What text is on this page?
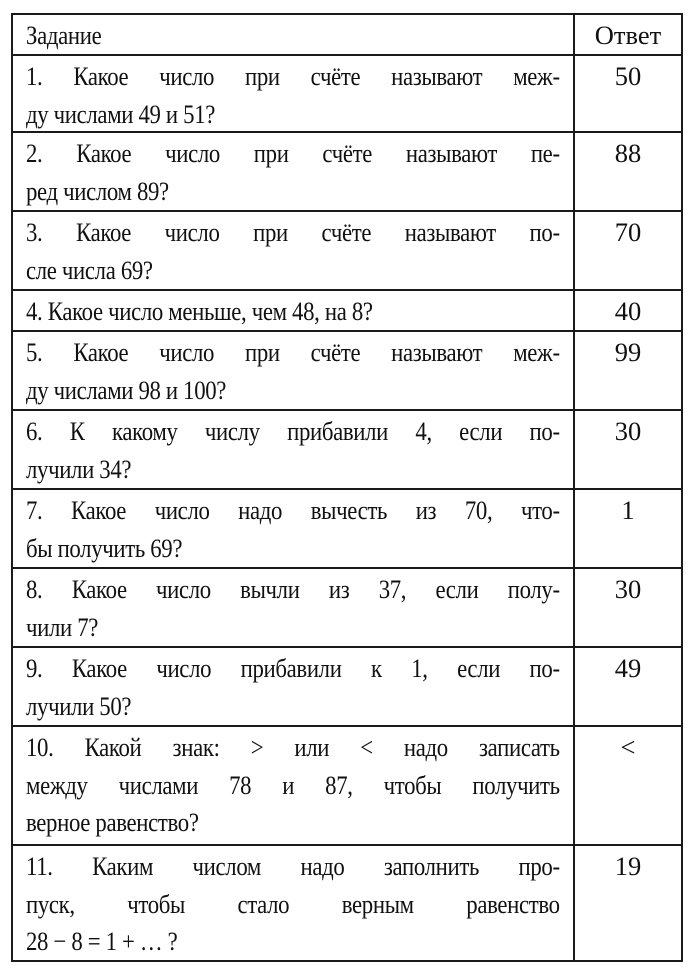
Задание	Ответ
1. Какое число при счёте называют меж-
ду числами 49 и 51?
50
2. Какое число при счёте называют пе-
ред числом 89?
88
3. Какое число при счёте называют по-
сле числа 69?
70
4. Какое число меньше, чем 48, на 8?	40
5. Какое число при счёте называют меж-
ду числами 98 и 100?
99
6. К какому числу прибавили 4, если по-
лучили 34?
30
7. Какое число надо вычесть из 70, что-
бы получить 69?
1
8. Какое число вычли из 37, если полу-
чили 7?
30
9. Какое число прибавили к 1, если по-
лучили 50?
49
10. Какой знак: > или < надо записать
между числами 78 и 87, чтобы получить
верное равенство?
<
11. Каким числом надо заполнить про-
пуск, чтобы стало верным равенство
28 − 8 = 1 + … ?
19
